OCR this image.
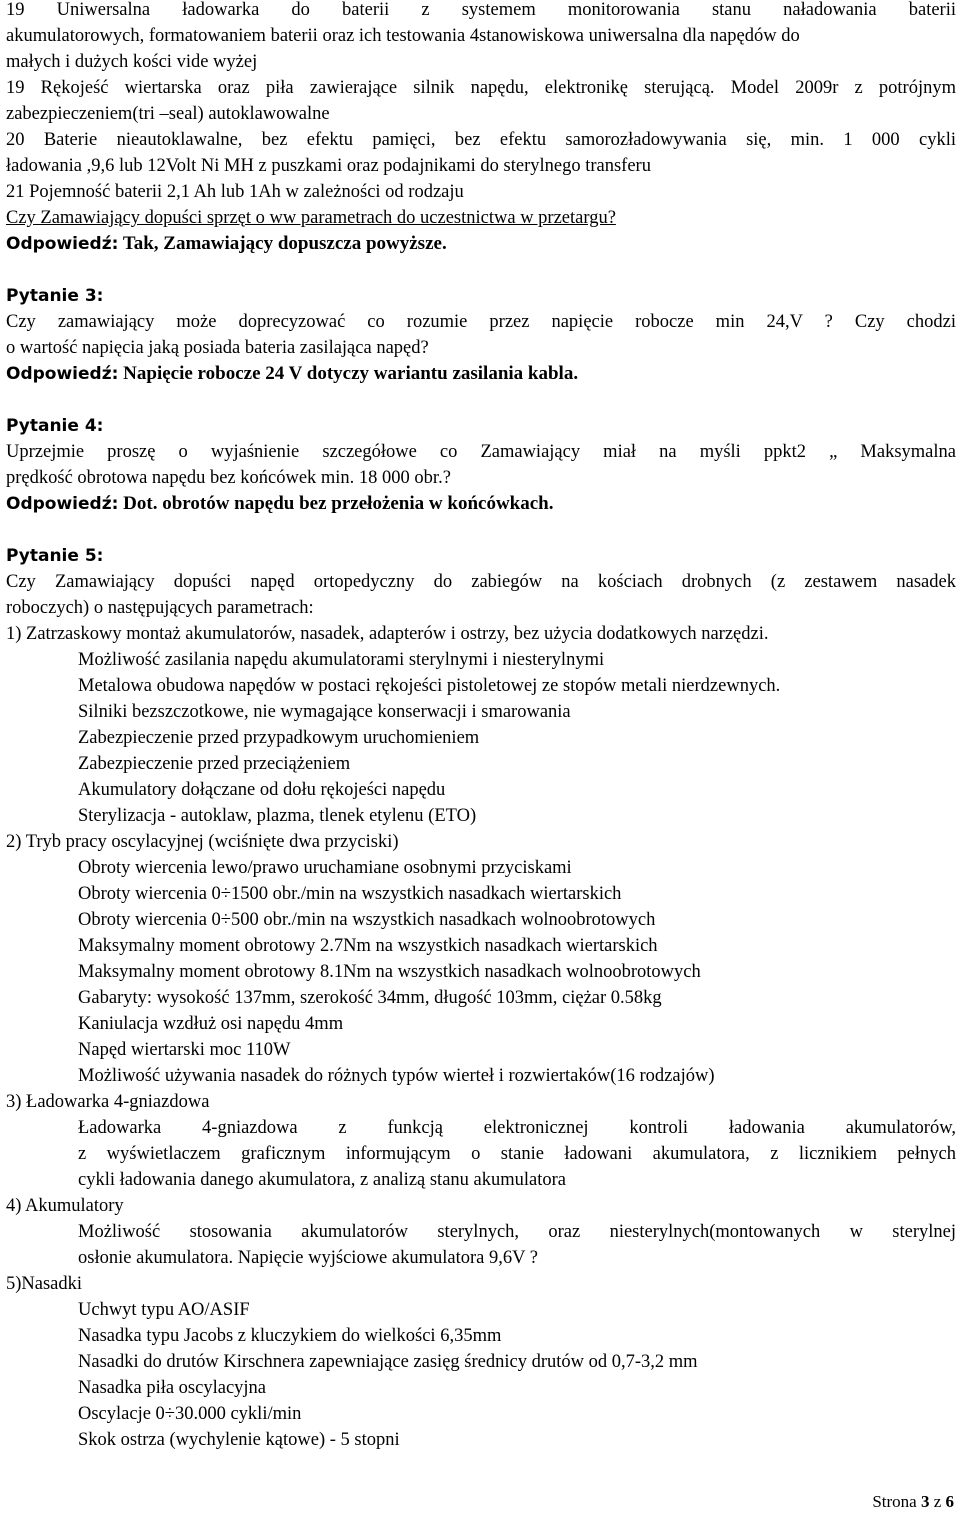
19 Uniwersalna ładowarka do baterii z systemem monitorowania stanu naładowania baterii
akumulatorowych, formatowaniem baterii oraz ich testowania 4stanowiskowa uniwersalna dla napędów do
małych i dużych kości vide wyżej
19 Rękojeść wiertarska oraz piła zawierające silnik napędu, elektronikę sterującą. Model 2009r z potrójnym
zabezpieczeniem(tri –seal) autoklawowalne
20 Baterie nieautoklawalne, bez efektu pamięci, bez efektu samorozładowywania się, min. 1 000 cykli
ładowania ,9,6 lub 12Volt Ni MH z puszkami oraz podajnikami do sterylnego transferu
21 Pojemność baterii 2,1 Ah lub 1Ah w zależności od rodzaju
Czy Zamawiający dopuści sprzęt o ww parametrach do uczestnictwa w przetargu?
Odpowiedź: Tak, Zamawiający dopuszcza powyższe.
Pytanie 3:
Czy zamawiający może doprecyzować co rozumie przez napięcie robocze min 24,V ? Czy chodzi
o wartość napięcia jaką posiada bateria zasilająca napęd?
Odpowiedź: Napięcie robocze 24 V dotyczy wariantu zasilania kabla.
Pytanie 4:
Uprzejmie proszę o wyjaśnienie szczegółowe co Zamawiający miał na myśli ppkt2 „ Maksymalna
prędkość obrotowa napędu bez końcówek min. 18 000 obr.?
Odpowiedź: Dot. obrotów napędu bez przełożenia w końcówkach.
Pytanie 5:
Czy Zamawiający dopuści napęd ortopedyczny do zabiegów na kościach drobnych (z zestawem nasadek
roboczych) o następujących parametrach:
1) Zatrzaskowy montaż akumulatorów, nasadek, adapterów i ostrzy, bez użycia dodatkowych narzędzi.
Możliwość zasilania napędu akumulatorami sterylnymi i niesterylnymi
Metalowa obudowa napędów w postaci rękojeści pistoletowej ze stopów metali nierdzewnych.
Silniki bezszczotkowe, nie wymagające konserwacji i smarowania
Zabezpieczenie przed przypadkowym uruchomieniem
Zabezpieczenie przed przeciążeniem
Akumulatory dołączane od dołu rękojeści napędu
Sterylizacja - autoklaw, plazma, tlenek etylenu (ETO)
2) Tryb pracy oscylacyjnej (wciśnięte dwa przyciski)
Obroty wiercenia lewo/prawo uruchamiane osobnymi przyciskami
Obroty wiercenia 0÷1500 obr./min na wszystkich nasadkach wiertarskich
Obroty wiercenia 0÷500 obr./min na wszystkich nasadkach wolnoobrotowych
Maksymalny moment obrotowy 2.7Nm na wszystkich nasadkach wiertarskich
Maksymalny moment obrotowy 8.1Nm na wszystkich nasadkach wolnoobrotowych
Gabaryty: wysokość 137mm, szerokość 34mm, długość 103mm, ciężar 0.58kg
Kaniulacja wzdłuż osi napędu 4mm
Napęd wiertarski moc 110W
Możliwość używania nasadek do różnych typów wierteł i rozwiertaków(16 rodzajów)
3) Ładowarka 4-gniazdowa
Ładowarka 4-gniazdowa z funkcją elektronicznej kontroli ładowania akumulatorów,
z wyświetlaczem graficznym informującym o stanie ładowani akumulatora, z licznikiem pełnych
cykli ładowania danego akumulatora, z analizą stanu akumulatora
4) Akumulatory
Możliwość stosowania akumulatorów sterylnych, oraz niesterylnych(montowanych w sterylnej
osłonie akumulatora. Napięcie wyjściowe akumulatora 9,6V ?
5)Nasadki
Uchwyt typu AO/ASIF
Nasadka typu Jacobs z kluczykiem do wielkości 6,35mm
Nasadki do drutów Kirschnera zapewniające zasięg średnicy drutów od 0,7-3,2 mm
Nasadka piła oscylacyjna
Oscylacje 0÷30.000 cykli/min
Skok ostrza (wychylenie kątowe) - 5 stopni
Strona 3 z 6
